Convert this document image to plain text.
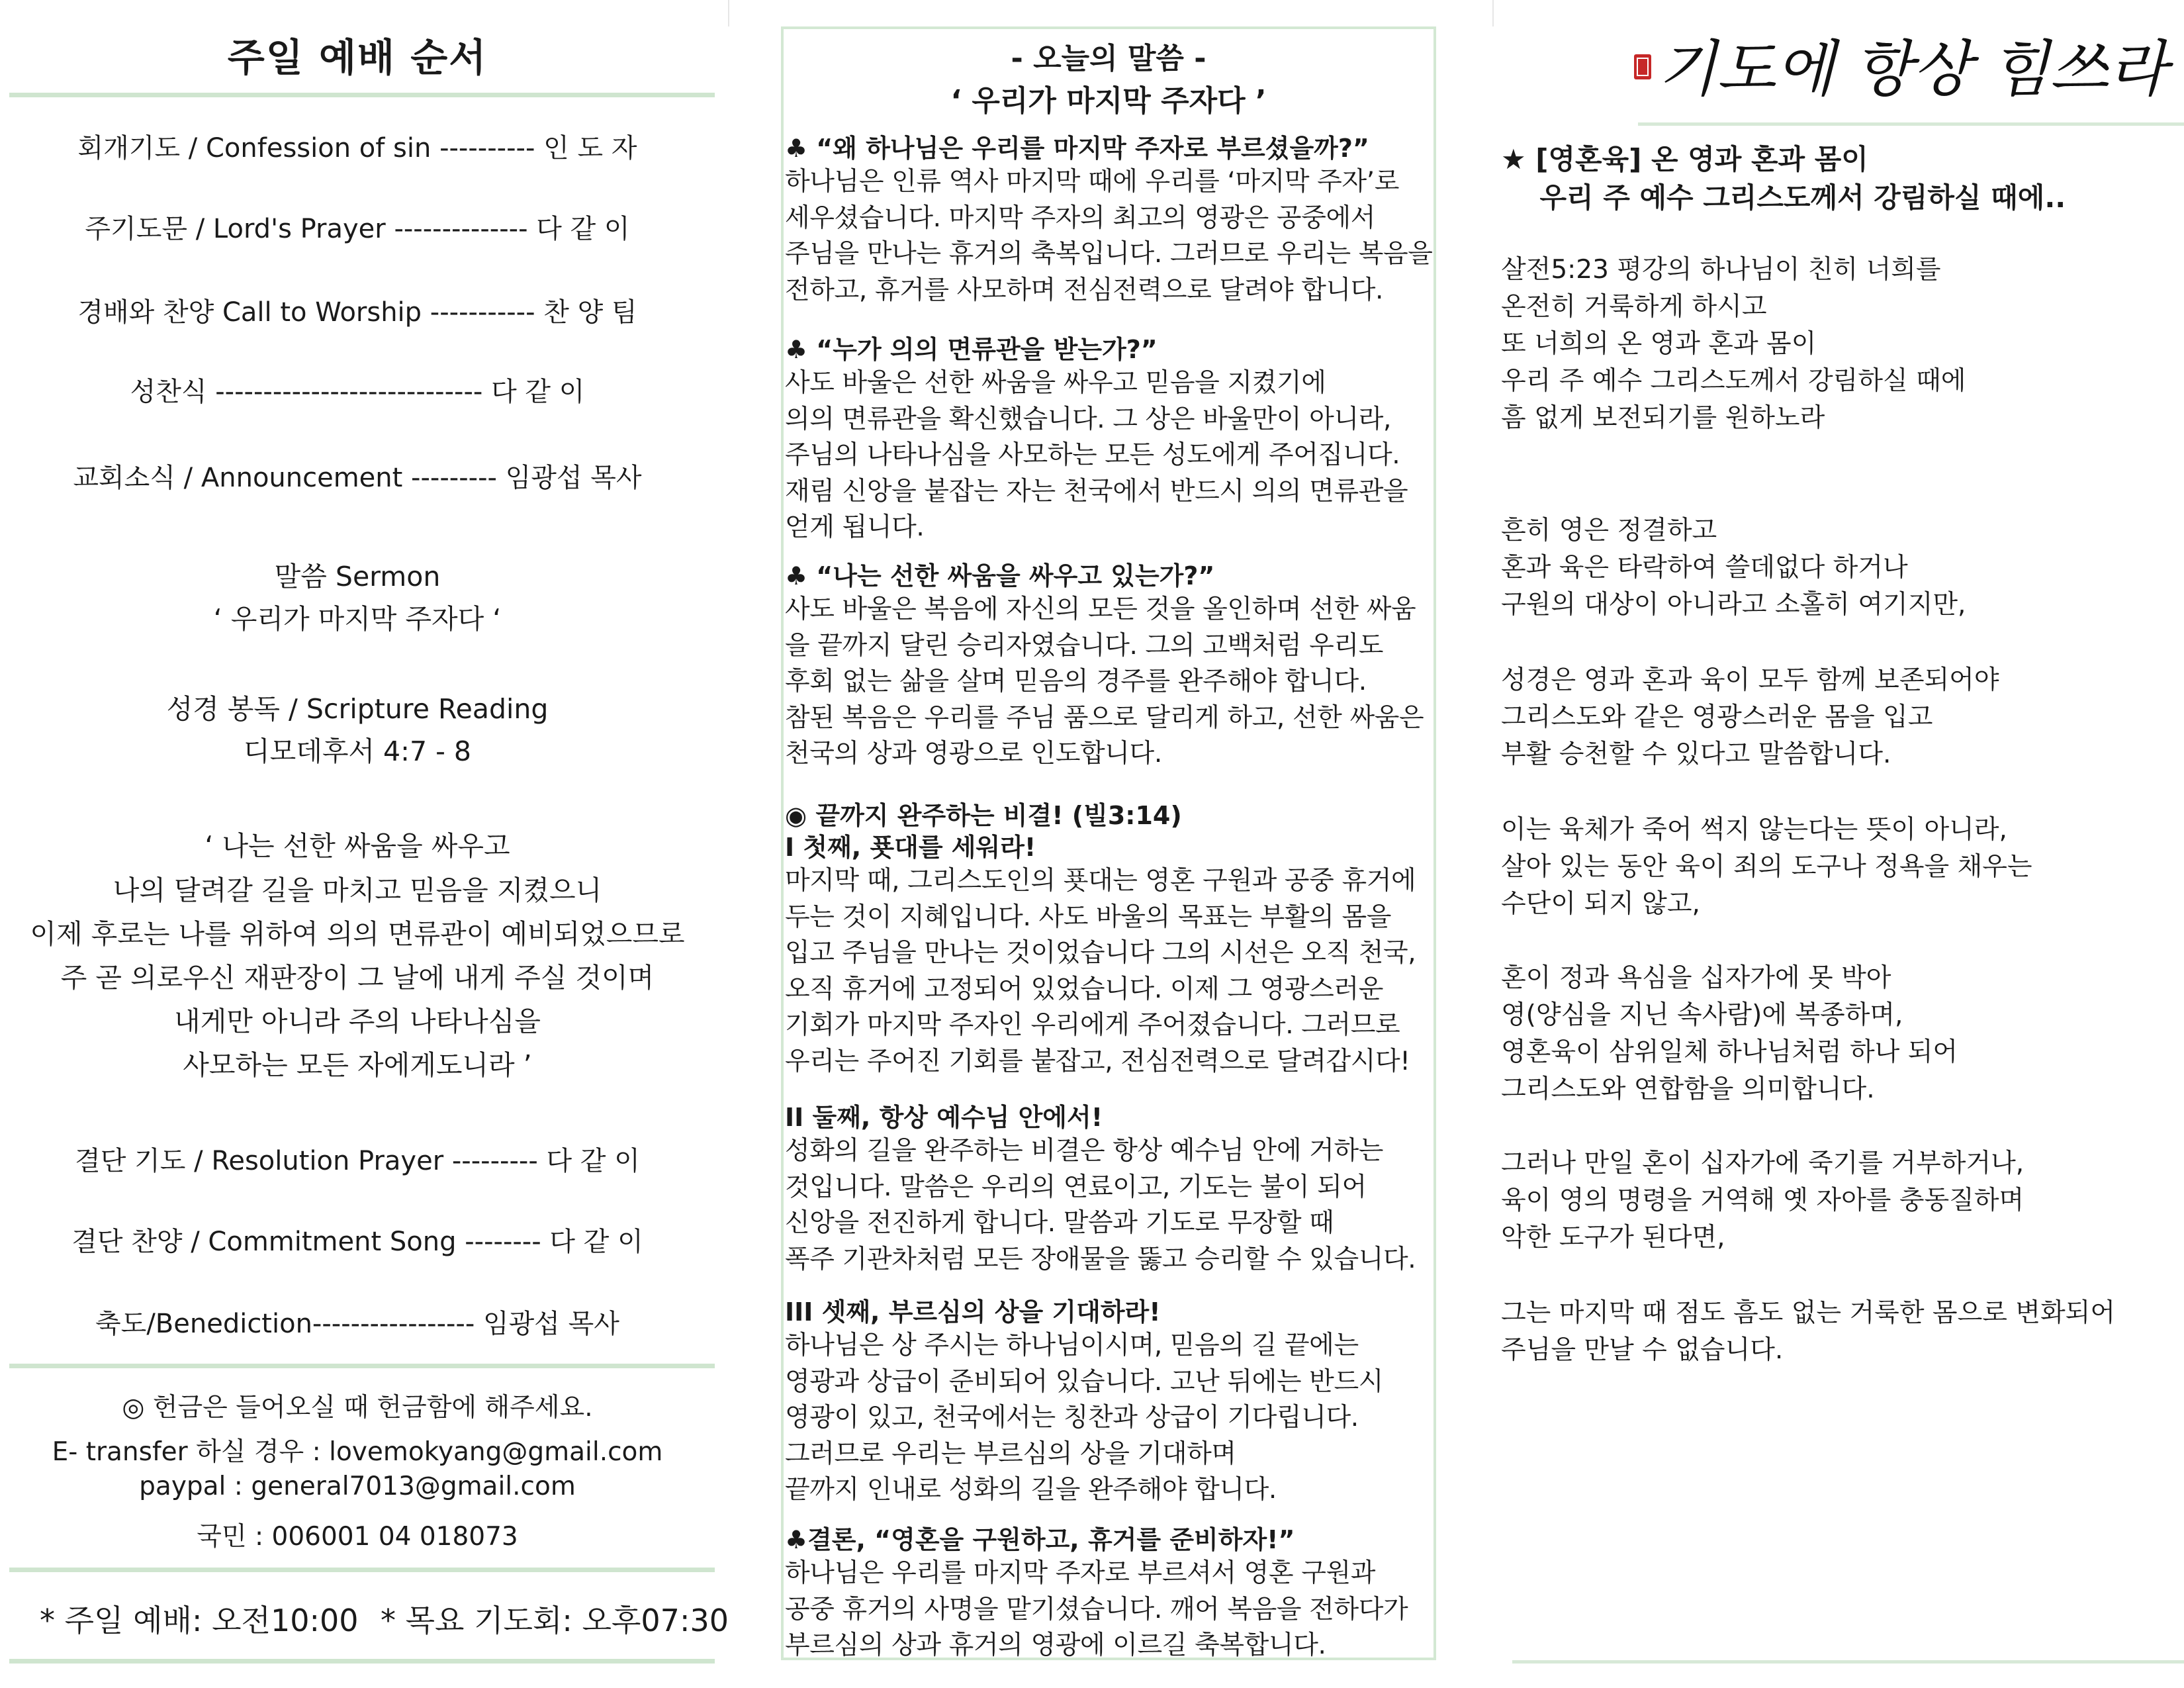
주일 예배 순서
회개기도 / Confession of sin ---------- 인 도 자
주기도문 / Lord's Prayer -------------- 다 같 이
경배와 찬양 Call to Worship ----------- 찬 양 팀
성찬식 ---------------------------- 다 같 이
교회소식 / Announcement --------- 임광섭 목사
말씀 Sermon
‘ 우리가 마지막 주자다 ‘
성경 봉독 / Scripture Reading
디모데후서 4:7 - 8
‘ 나는 선한 싸움을 싸우고
나의 달려갈 길을 마치고 믿음을 지켰으니
이제 후로는 나를 위하여 의의 면류관이 예비되었으므로
주 곧 의로우신 재판장이 그 날에 내게 주실 것이며
내게만 아니라 주의 나타나심을
사모하는 모든 자에게도니라 ’
결단 기도 / Resolution Prayer --------- 다 같 이
결단 찬양 / Commitment Song -------- 다 같 이
축도/Benediction----------------- 임광섭 목사
◎ 헌금은 들어오실 때 헌금함에 해주세요.
E- transfer 하실 경우 : lovemokyang@gmail.com
paypal : general7013@gmail.com
국민 : 006001 04 018073
* 주일 예배: 오전10:00 * 목요 기도회: 오후07:30
- 오늘의 말씀 -
‘ 우리가 마지막 주자다 ’
♣ “왜 하나님은 우리를 마지막 주자로 부르셨을까?”
하나님은 인류 역사 마지막 때에 우리를 ‘마지막 주자’로
세우셨습니다. 마지막 주자의 최고의 영광은 공중에서
주님을 만나는 휴거의 축복입니다. 그러므로 우리는 복음을
전하고, 휴거를 사모하며 전심전력으로 달려야 합니다.
♣ “누가 의의 면류관을 받는가?”
사도 바울은 선한 싸움을 싸우고 믿음을 지켰기에
의의 면류관을 확신했습니다. 그 상은 바울만이 아니라,
주님의 나타나심을 사모하는 모든 성도에게 주어집니다.
재림 신앙을 붙잡는 자는 천국에서 반드시 의의 면류관을
얻게 됩니다.
♣ “나는 선한 싸움을 싸우고 있는가?”
사도 바울은 복음에 자신의 모든 것을 올인하며 선한 싸움
을 끝까지 달린 승리자였습니다. 그의 고백처럼 우리도
후회 없는 삶을 살며 믿음의 경주를 완주해야 합니다.
참된 복음은 우리를 주님 품으로 달리게 하고, 선한 싸움은
천국의 상과 영광으로 인도합니다.
◉ 끝까지 완주하는 비결! (빌3:14)
I 첫째, 푯대를 세워라!
마지막 때, 그리스도인의 푯대는 영혼 구원과 공중 휴거에
두는 것이 지혜입니다. 사도 바울의 목표는 부활의 몸을
입고 주님을 만나는 것이었습니다 그의 시선은 오직 천국,
오직 휴거에 고정되어 있었습니다. 이제 그 영광스러운
기회가 마지막 주자인 우리에게 주어졌습니다. 그러므로
우리는 주어진 기회를 붙잡고, 전심전력으로 달려갑시다!
II 둘째, 항상 예수님 안에서!
성화의 길을 완주하는 비결은 항상 예수님 안에 거하는
것입니다. 말씀은 우리의 연료이고, 기도는 불이 되어
신앙을 전진하게 합니다. 말씀과 기도로 무장할 때
폭주 기관차처럼 모든 장애물을 뚫고 승리할 수 있습니다.
III 셋째, 부르심의 상을 기대하라!
하나님은 상 주시는 하나님이시며, 믿음의 길 끝에는
영광과 상급이 준비되어 있습니다. 고난 뒤에는 반드시
영광이 있고, 천국에서는 칭찬과 상급이 기다립니다.
그러므로 우리는 부르심의 상을 기대하며
끝까지 인내로 성화의 길을 완주해야 합니다.
♣결론, “영혼을 구원하고, 휴거를 준비하자!”
하나님은 우리를 마지막 주자로 부르셔서 영혼 구원과
공중 휴거의 사명을 맡기셨습니다. 깨어 복음을 전하다가
부르심의 상과 휴거의 영광에 이르길 축복합니다.
기도에 항상 힘쓰라
★ [영혼육] 온 영과 혼과 몸이
우리 주 예수 그리스도께서 강림하실 때에..
살전5:23 평강의 하나님이 친히 너희를
온전히 거룩하게 하시고
또 너희의 온 영과 혼과 몸이
우리 주 예수 그리스도께서 강림하실 때에
흠 없게 보전되기를 원하노라
흔히 영은 정결하고
혼과 육은 타락하여 쓸데없다 하거나
구원의 대상이 아니라고 소홀히 여기지만,
성경은 영과 혼과 육이 모두 함께 보존되어야
그리스도와 같은 영광스러운 몸을 입고
부활 승천할 수 있다고 말씀합니다.
이는 육체가 죽어 썩지 않는다는 뜻이 아니라,
살아 있는 동안 육이 죄의 도구나 정욕을 채우는
수단이 되지 않고,
혼이 정과 욕심을 십자가에 못 박아
영(양심을 지닌 속사람)에 복종하며,
영혼육이 삼위일체 하나님처럼 하나 되어
그리스도와 연합함을 의미합니다.
그러나 만일 혼이 십자가에 죽기를 거부하거나,
육이 영의 명령을 거역해 옛 자아를 충동질하며
악한 도구가 된다면,
그는 마지막 때 점도 흠도 없는 거룩한 몸으로 변화되어
주님을 만날 수 없습니다.
